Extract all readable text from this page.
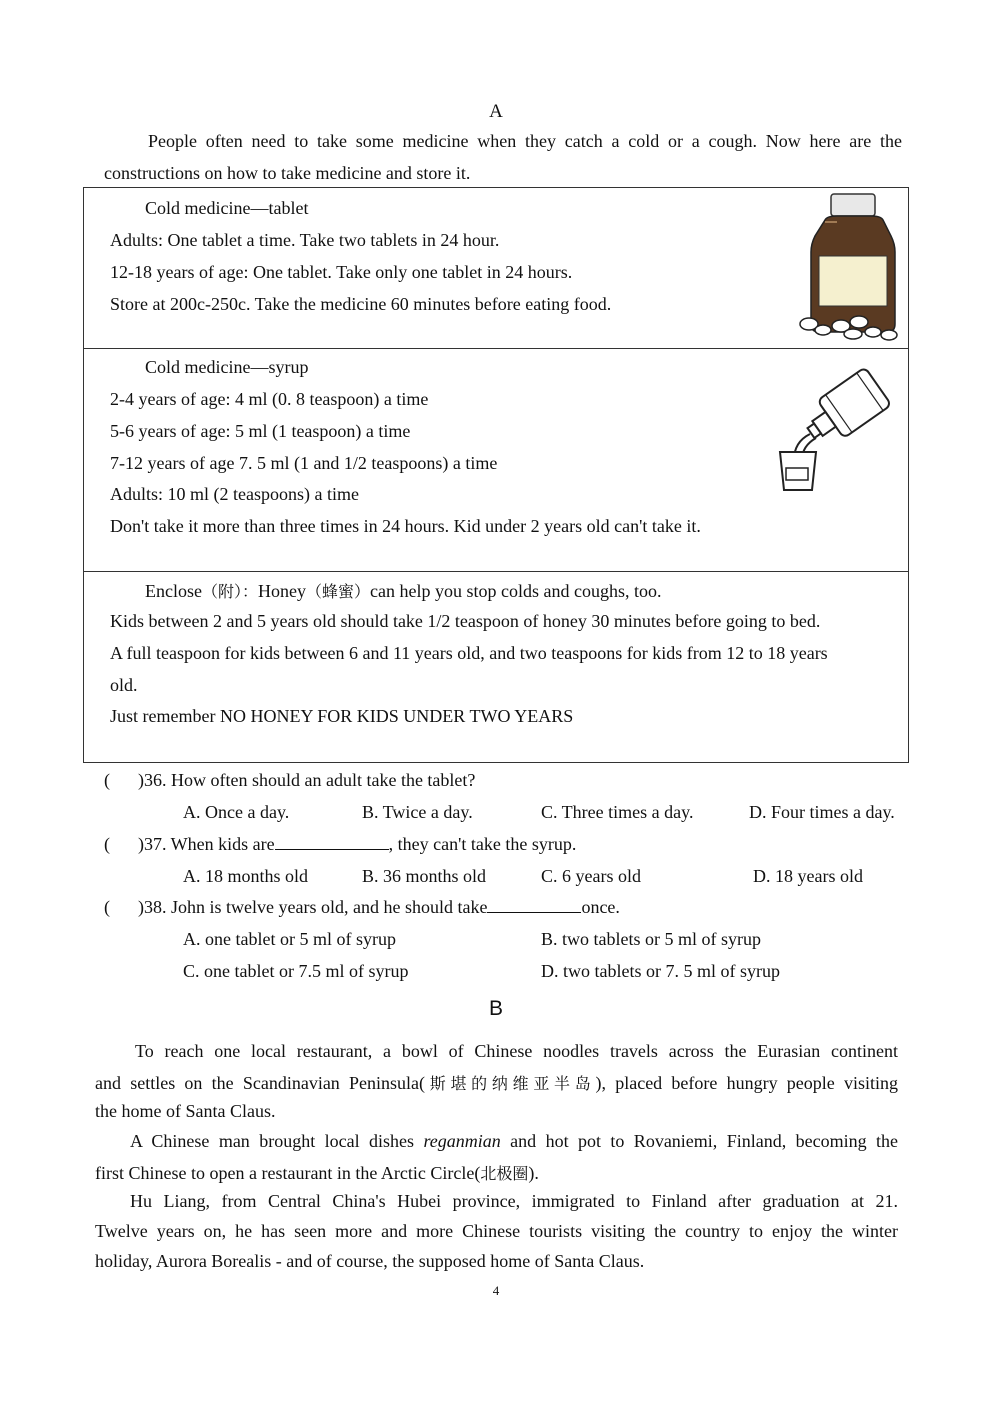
A
People often need to take some medicine when they catch a cold or a cough. Now here are the
constructions on how to take medicine and store it.
Cold medicine—tablet
Adults: One tablet a time. Take two tablets in 24 hour.
12-18 years of age: One tablet. Take only one tablet in 24 hours.
Store at 200c-250c. Take the medicine 60 minutes before eating food.
Cold medicine—syrup
2-4 years of age: 4 ml (0. 8 teaspoon) a time
5-6 years of age: 5 ml (1 teaspoon) a time
7-12 years of age 7. 5 ml (1 and 1/2 teaspoons) a time
Adults: 10 ml (2 teaspoons) a time
Don't take it more than three times in 24 hours. Kid under 2 years old can't take it.
Enclose（附）：Honey（蜂蜜）can help you stop colds and coughs, too.
Kids between 2 and 5 years old should take 1/2 teaspoon of honey 30 minutes before going to bed.
A full teaspoon for kids between 6 and 11 years old, and two teaspoons for kids from 12 to 18 years
old.
Just remember NO HONEY FOR KIDS UNDER TWO YEARS
( )36. How often should an adult take the tablet?
A. Once a day.	B. Twice a day.	C. Three times a day.	D. Four times a day.
( )37. When kids are	, they can't take the syrup.
A. 18 months old	B. 36 months old	C. 6 years old	D. 18 years old
( )38. John is twelve years old, and he should take	once.
A. one tablet or 5 ml of syrup	B. two tablets or 5 ml of syrup
C. one tablet or 7.5 ml of syrup	D. two tablets or 7. 5 ml of syrup
B
To reach one local restaurant, a bowl of Chinese noodles travels across the Eurasian continent
and settles on the Scandinavian Peninsula(斯堪的纳维亚半岛), placed before hungry people visiting
the home of Santa Claus.
A Chinese man brought local dishes reganmian and hot pot to Rovaniemi, Finland, becoming the
first Chinese to open a restaurant in the Arctic Circle(北极圈).
Hu Liang, from Central China's Hubei province, immigrated to Finland after graduation at 21.
Twelve years on, he has seen more and more Chinese tourists visiting the country to enjoy the winter
holiday, Aurora Borealis - and of course, the supposed home of Santa Claus.
4
